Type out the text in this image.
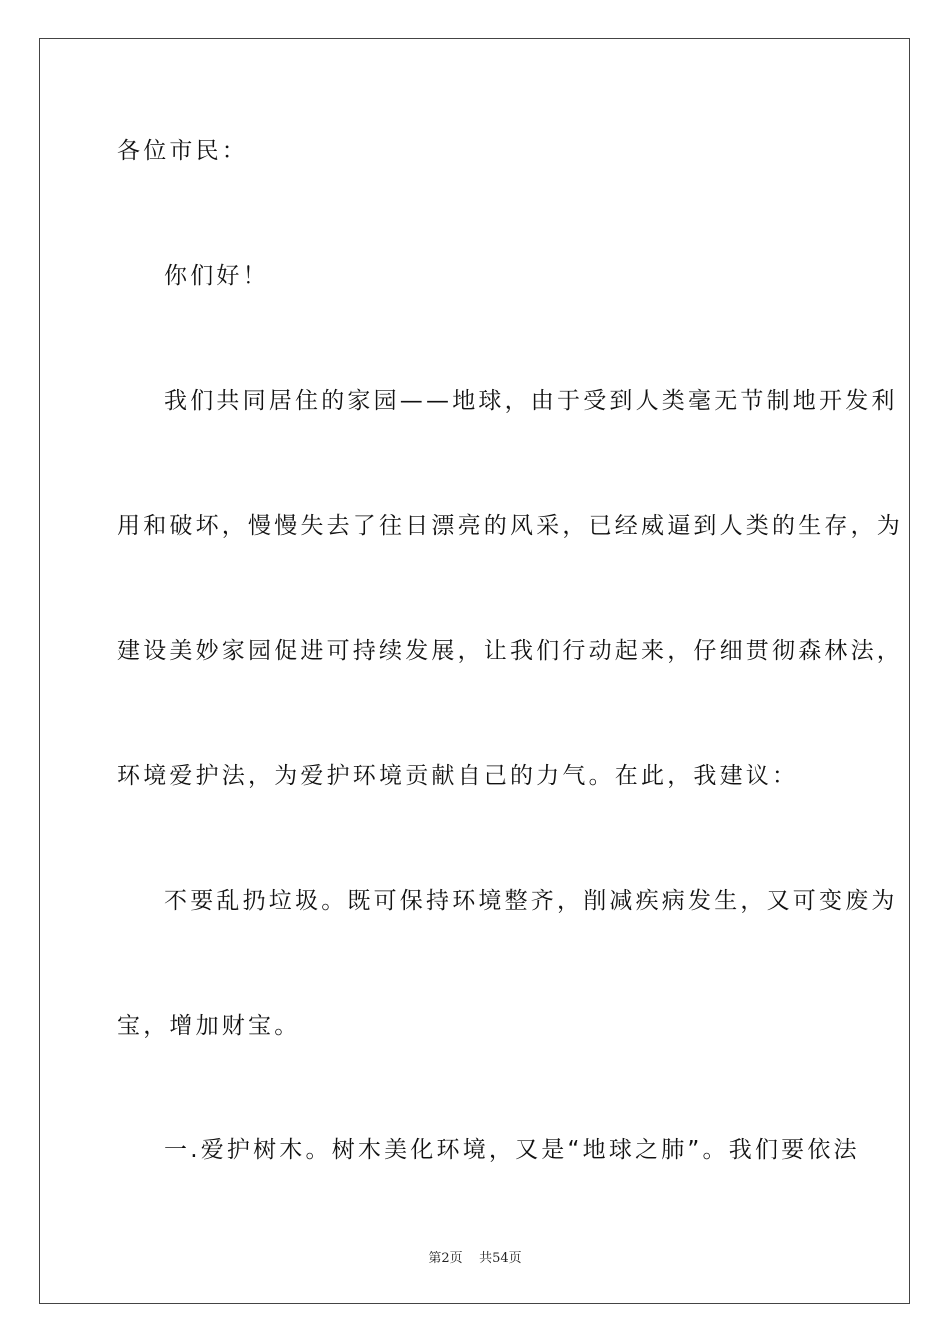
各位市民：
你们好！
我们共同居住的家园——地球，由于受到人类毫无节制地开发利
用和破坏，慢慢失去了往日漂亮的风采，已经威逼到人类的生存，为
建设美妙家园促进可持续发展，让我们行动起来，仔细贯彻森林法，
环境爱护法，为爱护环境贡献自己的力气。在此，我建议：
不要乱扔垃圾。既可保持环境整齐，削减疾病发生，又可变废为
宝，增加财宝。
一.爱护树木。树木美化环境，又是“地球之肺”。我们要依法
第2页    共54页
